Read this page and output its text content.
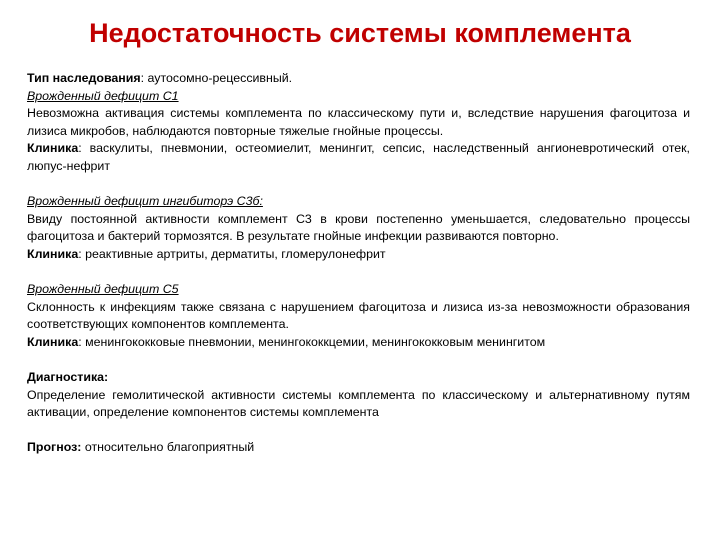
Недостаточность системы комплемента

Тип наследования: аутосомно-рецессивный.

Врожденный дефицит С1

Невозможна активация системы комплемента по классическому пути и, вследствие нарушения фагоцитоза и лизиса микробов, наблюдаются повторные тяжелые гнойные процессы.

Клиника: васкулиты, пневмонии, остеомиелит, менингит, сепсис, наследственный ангионевротический отек, люпус-нефрит

Врожденный дефицит ингибиторэ С3б:

Ввиду постоянной активности комплемент С3 в крови постепенно уменьшается, следовательно процессы фагоцитоза и бактерий тормозятся. В результате гнойные инфекции развиваются повторно.

Клиника: реактивные артриты, дерматиты, гломерулонефрит

Врожденный дефицит С5

Склонность к инфекциям также связана с нарушением фагоцитоза и лизиса из-за невозможности образования соответствующих компонентов комплемента.

Клиника: менингококковые пневмонии, менингококкцемии, менингококковым менингитом

Диагностика:

Определение гемолитической активности системы комплемента по классическому и альтернативному путям активации, определение компонентов системы комплемента

Прогноз: относительно благоприятный
